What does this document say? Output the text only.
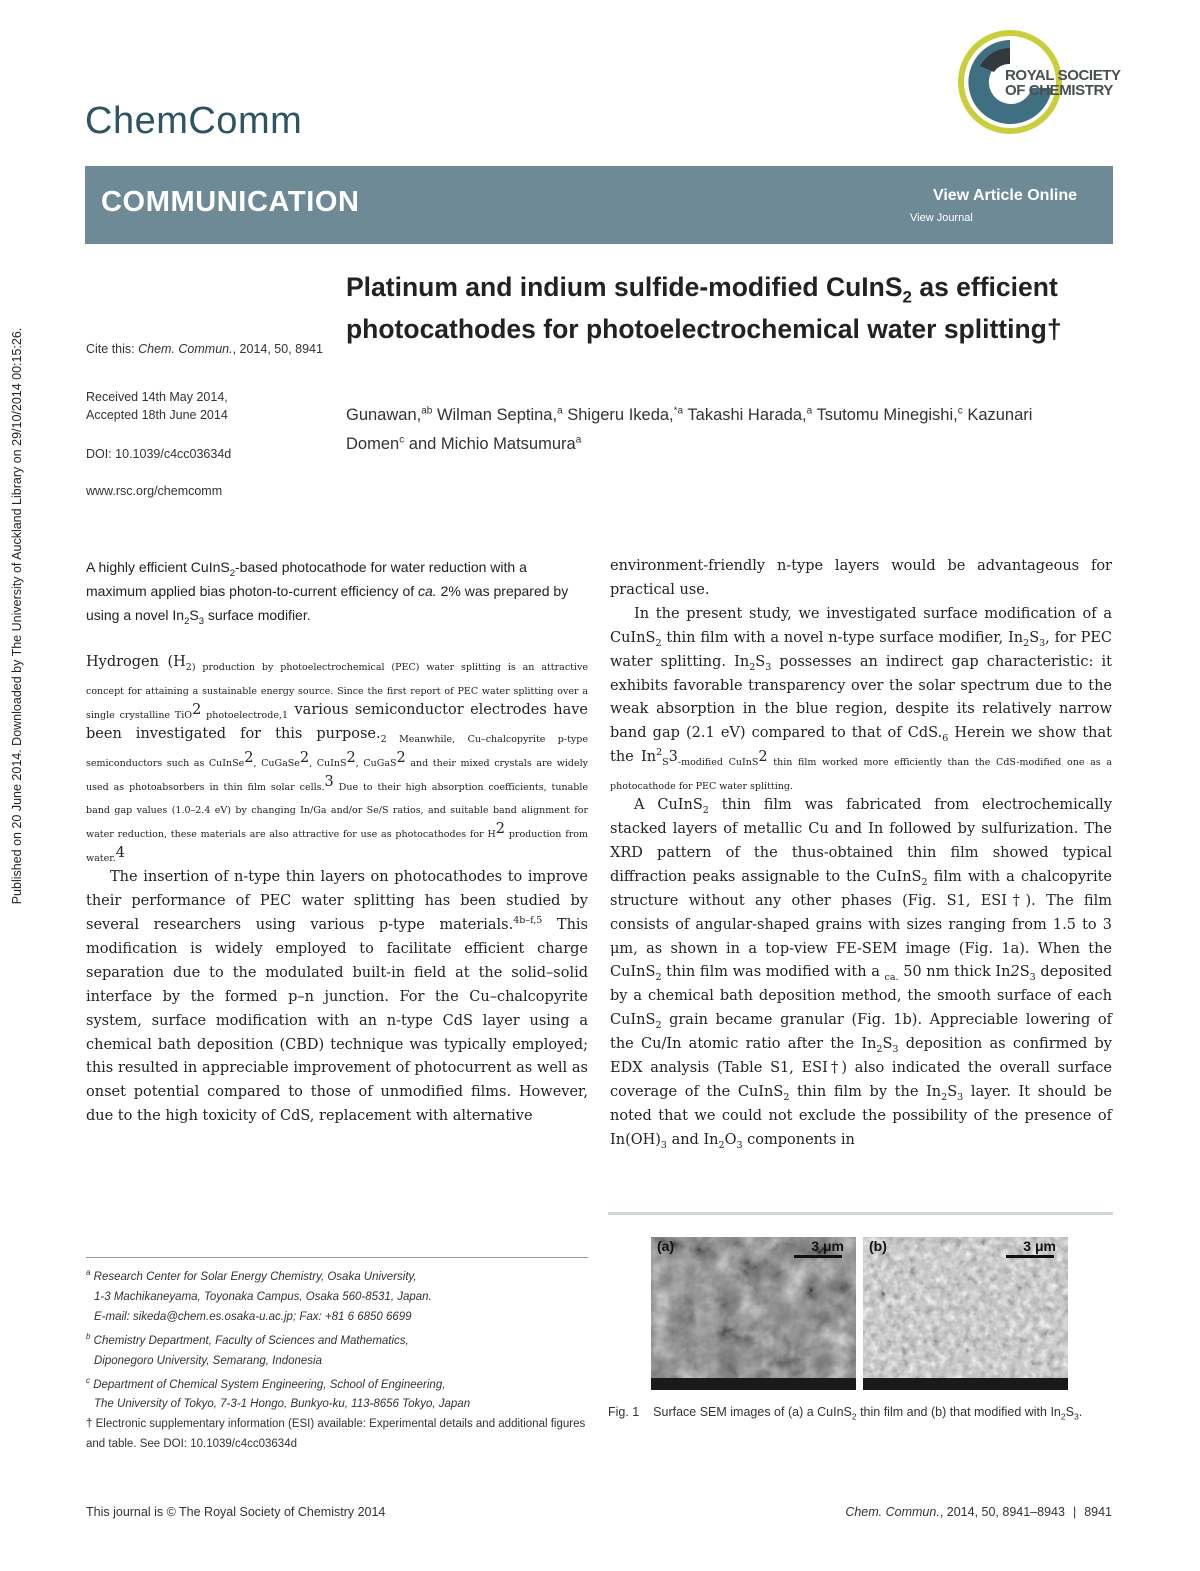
Published on 20 June 2014. Downloaded by The University of Auckland Library on 29/10/2014 00:15:26.
ChemComm
ROYAL SOCIETY
OF CHEMISTRY
COMMUNICATION	View Article Online
View Journal
Cite this: Chem. Commun., 2014, 50, 8941
Received 14th May 2014,
Accepted 18th June 2014
DOI: 10.1039/c4cc03634d
www.rsc.org/chemcomm
Platinum and indium sulfide-modified CuInS$_2$ as efficient photocathodes for photoelectrochemical water splitting†
Gunawan,$^{ab}$ Wilman Septina,$^a$ Shigeru Ikeda,$^{*a}$ Takashi Harada,$^a$ Tsutomu Minegishi,$^c$ Kazunari Domen$^c$ and Michio Matsumura$^a$
A highly efficient CuInS$_2$-based photocathode for water reduction with a maximum applied bias photon-to-current efficiency of ca. 2% was prepared by using a novel $In_2S_3$ surface modifier.

Hydrogen ($H_{2) production by photoelectrochemical (PEC) water splitting is an attractive concept for attaining a sustainable energy source. Since the first report of PEC water splitting over a single crystalline TiO}2$ $_{photoelectrode,1}$ various semiconductor electrodes have been investigated for this $purpose._2$ $_{Meanwhile, Cu-chalcopyrite p-type semiconductors such as CuInSe}2_{, CuGaSe}2_{, CuInS}2_{, CuGaS}2$ $_{and their mixed crystals are widely used as photoabsorbers in thin film solar cells.}$3 $_{Due to their high absorption coefficients, tunable band gap values (1.0-2.4 eV) by changing In/Ga and/or Se/S ratios, and suitable band alignment for water reduction, these materials are also attractive for use as photocathodes for H}$2 $_{production from water.}$4

The insertion of n-type thin layers on photocathodes to improve their performance of PEC water splitting has been studied by several researchers using various p-type materials.$^{4b-f,5}$ This modification is widely employed to facilitate efficient charge separation due to the modulated built-in field at the solid–solid interface by the formed p–n junction. For the Cu–chalcopyrite system, surface modification with an n-type CdS layer using a chemical bath deposition (CBD) technique was typically employed; this resulted in appreciable improvement of photocurrent as well as onset potential compared to those of unmodified films. However, due to the high toxicity of CdS, replacement with alternative

environment-friendly n-type layers would be advantageous for practical use.

In the present study, we investigated surface modification of a CuInS$_2$ thin film with a novel n-type surface modifier, $In_2S_3$, for PEC water splitting. $In_2S_3$ possesses an indirect gap characteristic: it exhibits favorable transparency over the solar spectrum due to the weak absorption in the blue region, despite its relatively narrow band gap (2.1 eV) compared to that of $CdS._6$ Herein we show that the $In^2_S3_{-modified CuInS}2$ $_{thin film worked more efficiently than the CdS-modified one as a photocathode for PEC water splitting.}$

A CuInS$_2$ thin film was fabricated from electrochemically stacked layers of metallic Cu and In followed by sulfurization. The XRD pattern of the thus-obtained thin film showed typical diffraction peaks assignable to the CuInS$_2$ film with a chalcopyrite structure without any other phases (Fig. S1, ESI†). The film consists of angular-shaped grains with sizes ranging from 1.5 to 3 μm, as shown in a top-view FE-SEM image (Fig. 1a). When the CuInS$_2$ thin film was modified with a $_{ca.}$ 50 nm thick $In2S_3$ deposited by a chemical bath deposition method, the smooth surface of each CuInS$_2$ grain became granular (Fig. 1b). Appreciable lowering of the Cu/In atomic ratio after the $In_2S_3$ deposition as confirmed by EDX analysis (Table S1, ESI†) also indicated the overall surface coverage of the CuInS$_2$ thin film by the $In_2S_3$ layer. It should be noted that we could not exclude the possibility of the presence of $In(OH)_3$ and $In_2O_3$ components in

$^a$ Research Center for Solar Energy Chemistry, Osaka University,
1-3 Machikaneyama, Toyonaka Campus, Osaka 560-8531, Japan.
E-mail: sikeda@chem.es.osaka-u.ac.jp; Fax: +81 6 6850 6699
$^b$ Chemistry Department, Faculty of Sciences and Mathematics,
Diponegoro University, Semarang, Indonesia
$^c$ Department of Chemical System Engineering, School of Engineering,
The University of Tokyo, 7-3-1 Hongo, Bunkyo-ku, 113-8656 Tokyo, Japan
† Electronic supplementary information (ESI) available: Experimental details and additional figures and table. See DOI: 10.1039/c4cc03634d
(a)	3 μm (b)	3 μm
Fig. 1 Surface SEM images of (a) a CuInS$_2$ thin film and (b) that modified with $In_2S_3$.
This journal is © The Royal Society of Chemistry 2014	Chem. Commun., 2014, 50, 8941–8943 | 8941
